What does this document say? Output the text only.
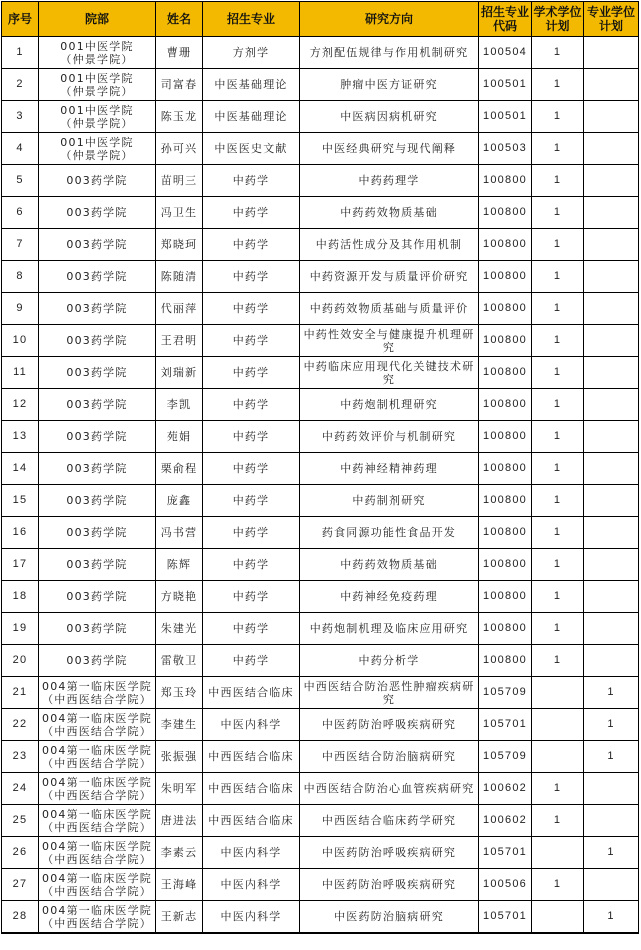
序号	院部	姓名	招生专业	研究方向	招生专业代码	学术学位计划	专业学位计划
1	001中医学院
（仲景学院）	曹珊	方剂学	方剂配伍规律与作用机制研究	100504	1	
2	001中医学院
（仲景学院）	司富春	中医基础理论	肿瘤中医方证研究	100501	1	
3	001中医学院
（仲景学院）	陈玉龙	中医基础理论	中医病因病机研究	100501	1	
4	001中医学院
（仲景学院）	孙可兴	中医医史文献	中医经典研究与现代阐释	100503	1	
5	003药学院	苗明三	中药学	中药药理学	100800	1	
6	003药学院	冯卫生	中药学	中药药效物质基础	100800	1	
7	003药学院	郑晓珂	中药学	中药活性成分及其作用机制	100800	1	
8	003药学院	陈随清	中药学	中药资源开发与质量评价研究	100800	1	
9	003药学院	代丽萍	中药学	中药药效物质基础与质量评价	100800	1	
10	003药学院	王君明	中药学	中药性效安全与健康提升机理研究	100800	1	
11	003药学院	刘瑞新	中药学	中药临床应用现代化关键技术研究	100800	1	
12	003药学院	李凯	中药学	中药炮制机理研究	100800	1	
13	003药学院	苑娟	中药学	中药药效评价与机制研究	100800	1	
14	003药学院	栗俞程	中药学	中药神经精神药理	100800	1	
15	003药学院	庞鑫	中药学	中药制剂研究	100800	1	
16	003药学院	冯书营	中药学	药食同源功能性食品开发	100800	1	
17	003药学院	陈辉	中药学	中药药效物质基础	100800	1	
18	003药学院	方晓艳	中药学	中药神经免疫药理	100800	1	
19	003药学院	朱建光	中药学	中药炮制机理及临床应用研究	100800	1	
20	003药学院	雷敬卫	中药学	中药分析学	100800	1	
21	004第一临床医学院
（中西医结合学院）	郑玉玲	中西医结合临床	中西医结合防治恶性肿瘤疾病研究	105709		1
22	004第一临床医学院
（中西医结合学院）	李建生	中医内科学	中医药防治呼吸疾病研究	105701		1
23	004第一临床医学院
（中西医结合学院）	张振强	中西医结合临床	中西医结合防治脑病研究	105709		1
24	004第一临床医学院
（中西医结合学院）	朱明军	中西医结合临床	中西医结合防治心血管疾病研究	100602	1	
25	004第一临床医学院
（中西医结合学院）	唐进法	中西医结合临床	中西医结合临床药学研究	100602	1	
26	004第一临床医学院
（中西医结合学院）	李素云	中医内科学	中医药防治呼吸疾病研究	105701		1
27	004第一临床医学院
（中西医结合学院）	王海峰	中医内科学	中医药防治呼吸疾病研究	100506	1	
28	004第一临床医学院
（中西医结合学院）	王新志	中医内科学	中医药防治脑病研究	105701		1
